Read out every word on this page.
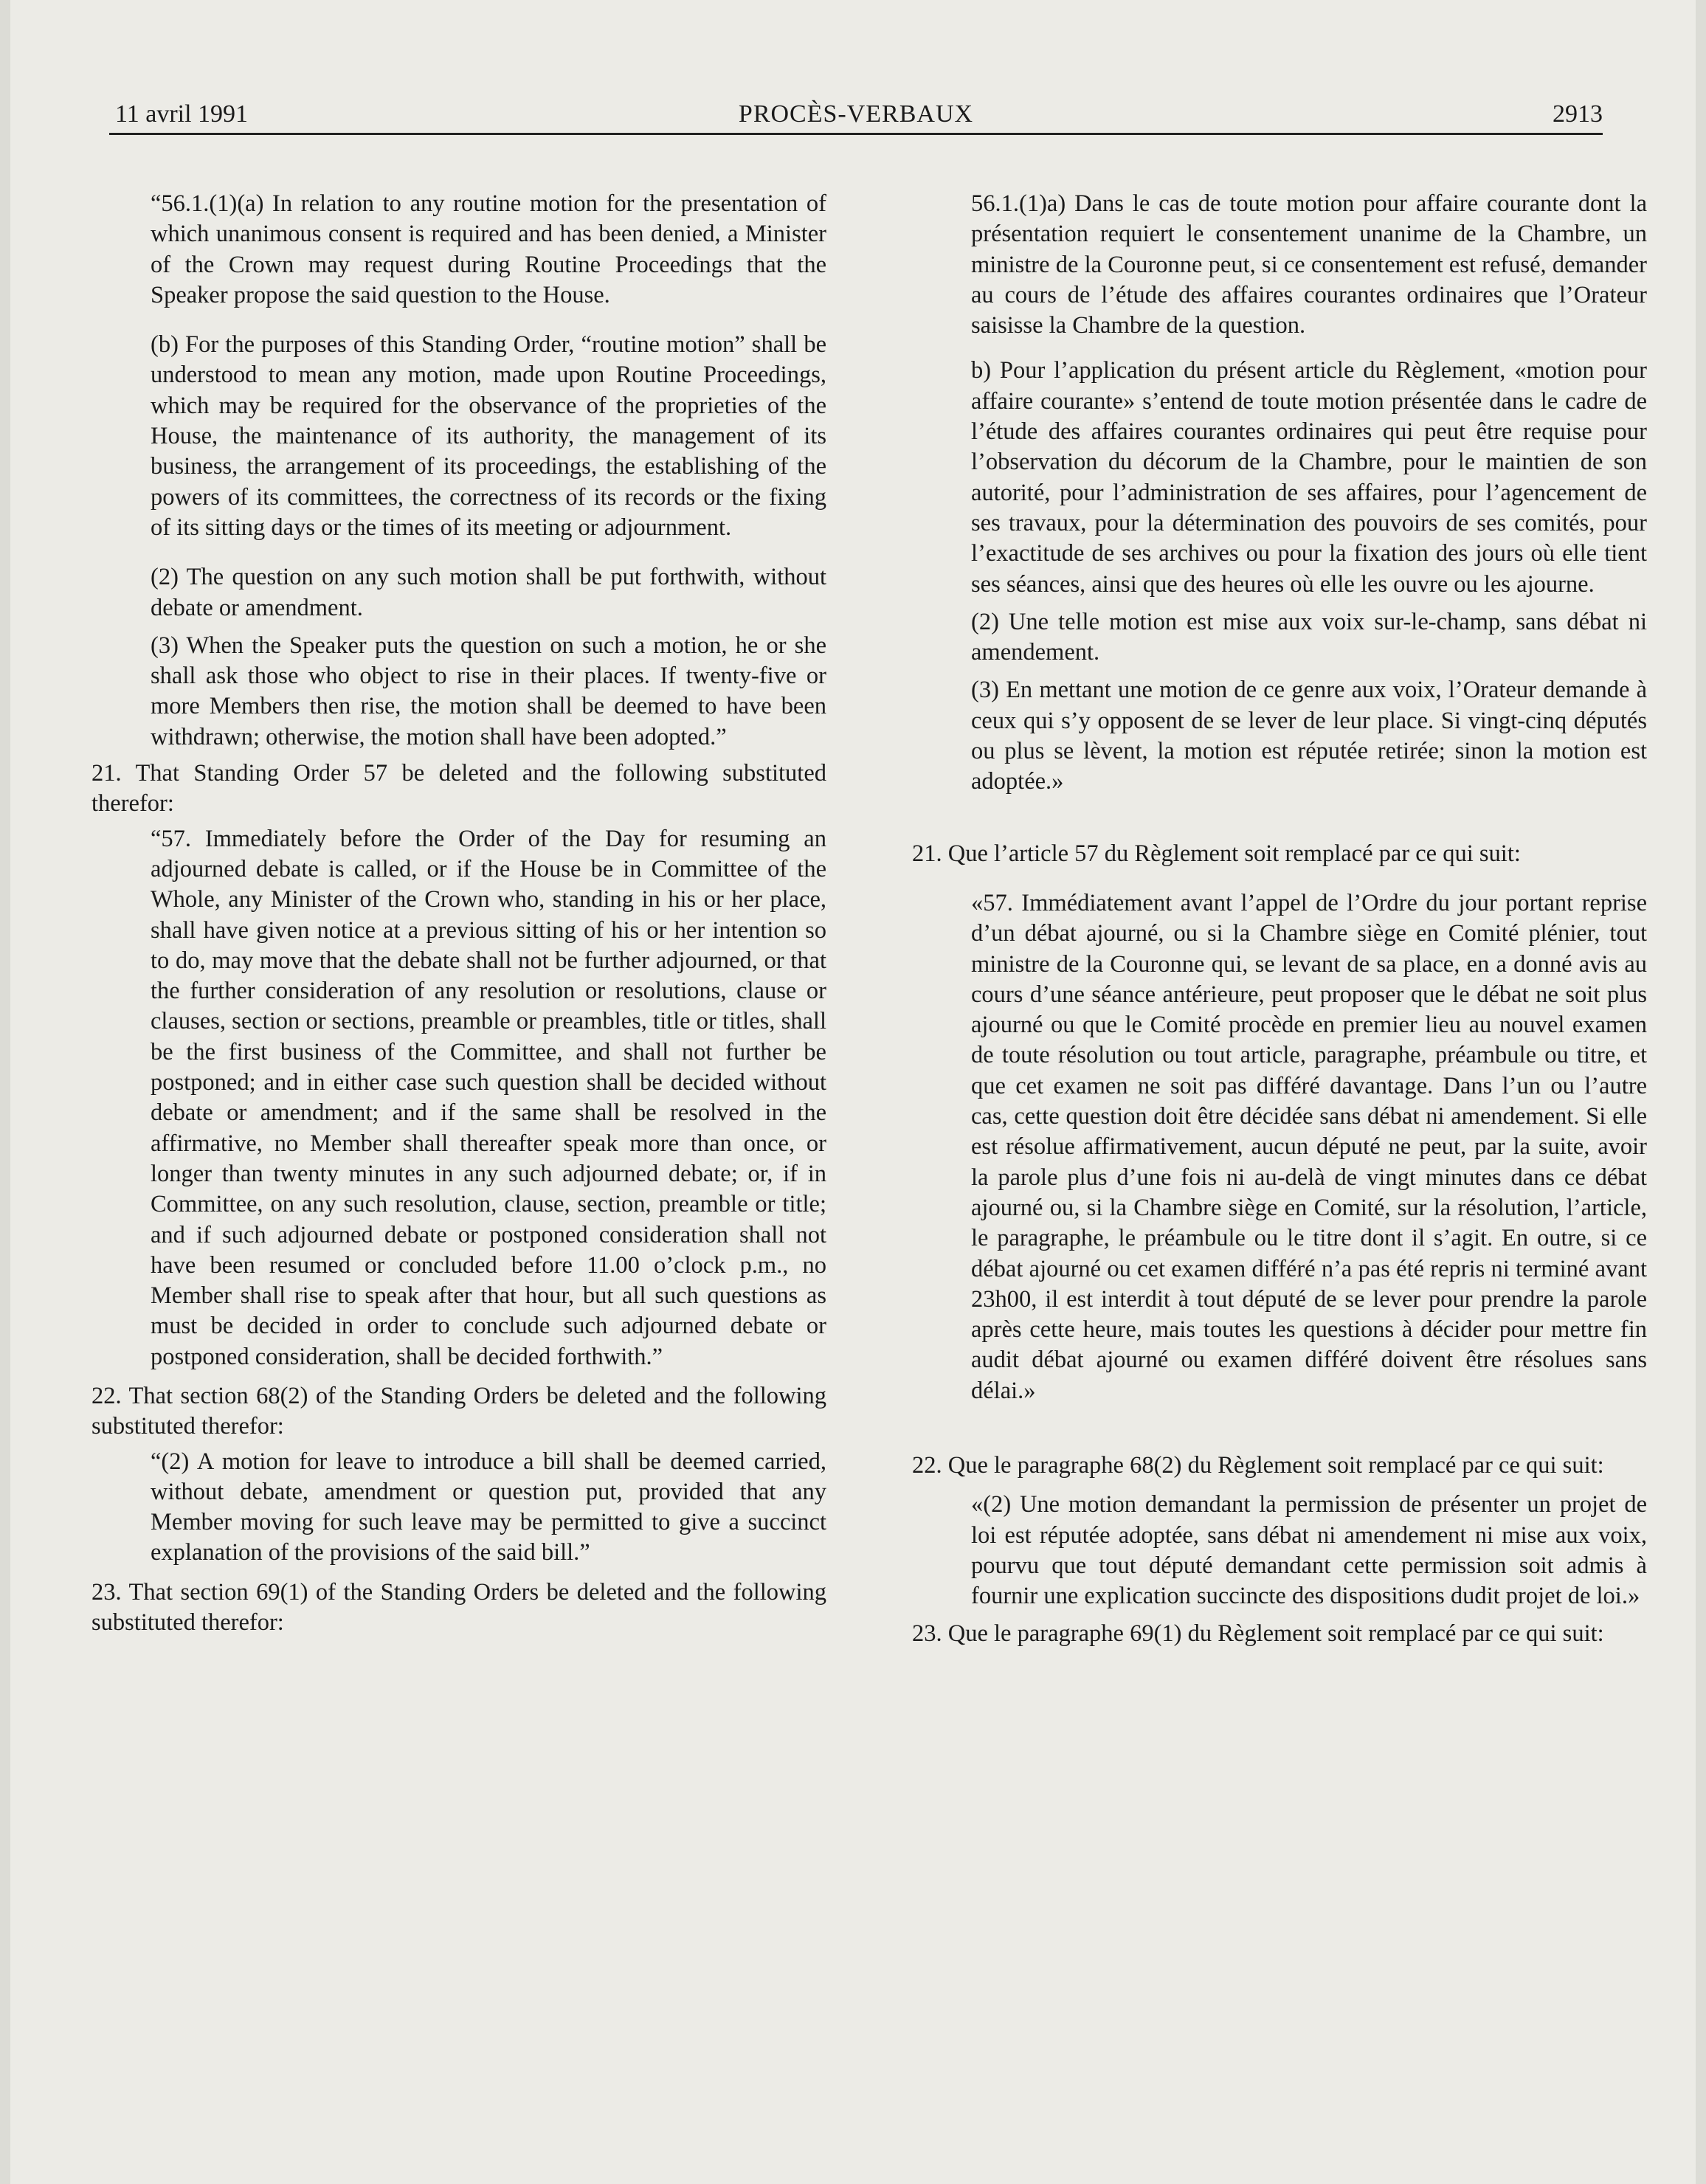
11 avril 1991	PROCÈS-VERBAUX	2913

“56.1.(1)(a) In relation to any routine motion for the presentation of which unanimous consent is required and has been denied, a Minister of the Crown may request during Routine Proceedings that the Speaker propose the said question to the House.

(b) For the purposes of this Standing Order, “routine motion” shall be understood to mean any motion, made upon Routine Proceedings, which may be required for the observance of the proprieties of the House, the maintenance of its authority, the management of its business, the arrangement of its proceedings, the establishing of the powers of its committees, the correctness of its records or the fixing of its sitting days or the times of its meeting or adjournment.

(2) The question on any such motion shall be put forthwith, without debate or amendment.

(3) When the Speaker puts the question on such a motion, he or she shall ask those who object to rise in their places. If twenty-five or more Members then rise, the motion shall be deemed to have been withdrawn; otherwise, the motion shall have been adopted.”

21. That Standing Order 57 be deleted and the following substituted therefor:

“57. Immediately before the Order of the Day for resuming an adjourned debate is called, or if the House be in Committee of the Whole, any Minister of the Crown who, standing in his or her place, shall have given notice at a previous sitting of his or her intention so to do, may move that the debate shall not be further adjourned, or that the further consideration of any resolution or resolutions, clause or clauses, section or sections, preamble or preambles, title or titles, shall be the first business of the Committee, and shall not further be postponed; and in either case such question shall be decided without debate or amendment; and if the same shall be resolved in the affirmative, no Member shall thereafter speak more than once, or longer than twenty minutes in any such adjourned debate; or, if in Committee, on any such resolution, clause, section, preamble or title; and if such adjourned debate or postponed consideration shall not have been resumed or concluded before 11.00 o’clock p.m., no Member shall rise to speak after that hour, but all such questions as must be decided in order to conclude such adjourned debate or postponed consideration, shall be decided forthwith.”

22. That section 68(2) of the Standing Orders be deleted and the following substituted therefor:

“(2) A motion for leave to introduce a bill shall be deemed carried, without debate, amendment or question put, provided that any Member moving for such leave may be permitted to give a succinct explanation of the provisions of the said bill.”

23. That section 69(1) of the Standing Orders be deleted and the following substituted therefor:

56.1.(1)a) Dans le cas de toute motion pour affaire courante dont la présentation requiert le consentement unanime de la Chambre, un ministre de la Couronne peut, si ce consentement est refusé, demander au cours de l’étude des affaires courantes ordinaires que l’Orateur saisisse la Chambre de la question.

b) Pour l’application du présent article du Règlement, «motion pour affaire courante» s’entend de toute motion présentée dans le cadre de l’étude des affaires courantes ordinaires qui peut être requise pour l’observation du décorum de la Chambre, pour le maintien de son autorité, pour l’administration de ses affaires, pour l’agencement de ses travaux, pour la détermination des pouvoirs de ses comités, pour l’exactitude de ses archives ou pour la fixation des jours où elle tient ses séances, ainsi que des heures où elle les ouvre ou les ajourne.

(2) Une telle motion est mise aux voix sur-le-champ, sans débat ni amendement.

(3) En mettant une motion de ce genre aux voix, l’Orateur demande à ceux qui s’y opposent de se lever de leur place. Si vingt-cinq députés ou plus se lèvent, la motion est réputée retirée; sinon la motion est adoptée.»

21. Que l’article 57 du Règlement soit remplacé par ce qui suit:

«57. Immédiatement avant l’appel de l’Ordre du jour portant reprise d’un débat ajourné, ou si la Chambre siège en Comité plénier, tout ministre de la Couronne qui, se levant de sa place, en a donné avis au cours d’une séance antérieure, peut proposer que le débat ne soit plus ajourné ou que le Comité procède en premier lieu au nouvel examen de toute résolution ou tout article, paragraphe, préambule ou titre, et que cet examen ne soit pas différé davantage. Dans l’un ou l’autre cas, cette question doit être décidée sans débat ni amendement. Si elle est résolue affirmativement, aucun député ne peut, par la suite, avoir la parole plus d’une fois ni au-delà de vingt minutes dans ce débat ajourné ou, si la Chambre siège en Comité, sur la résolution, l’article, le paragraphe, le préambule ou le titre dont il s’agit. En outre, si ce débat ajourné ou cet examen différé n’a pas été repris ni terminé avant 23h00, il est interdit à tout député de se lever pour prendre la parole après cette heure, mais toutes les questions à décider pour mettre fin audit débat ajourné ou examen différé doivent être résolues sans délai.»

22. Que le paragraphe 68(2) du Règlement soit remplacé par ce qui suit:

«(2) Une motion demandant la permission de présenter un projet de loi est réputée adoptée, sans débat ni amendement ni mise aux voix, pourvu que tout député demandant cette permission soit admis à fournir une explication succincte des dispositions dudit projet de loi.»

23. Que le paragraphe 69(1) du Règlement soit remplacé par ce qui suit:
